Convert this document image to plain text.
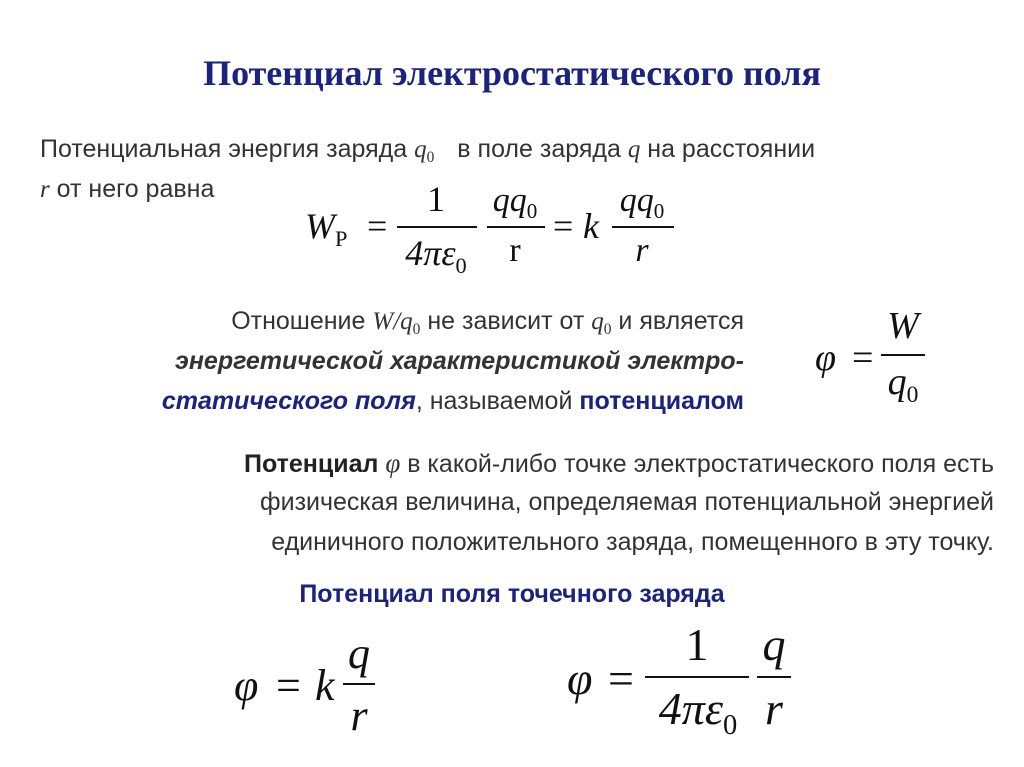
Потенциал электростатического поля
Потенциальная энергия заряда $q_0$ в поле заряда q на расстоянии
r от него равна
$W_P$ =
1
$4\pi\varepsilon_0$
$qq_0$
r
= k
$qq_0$
r
Отношение $W/q_0$ не зависит от $q_0$ и является
энергетической характеристикой электро-
статического поля, называемой потенциалом
φ =
W
$q_0$
Потенциал φ в какой-либо точке электростатического поля есть
физическая величина, определяемая потенциальной энергией
единичного положительного заряда, помещенного в эту точку.
Потенциал поля точечного заряда
φ = k
q
r
φ =
1
$4\pi\varepsilon_0$
q
r
